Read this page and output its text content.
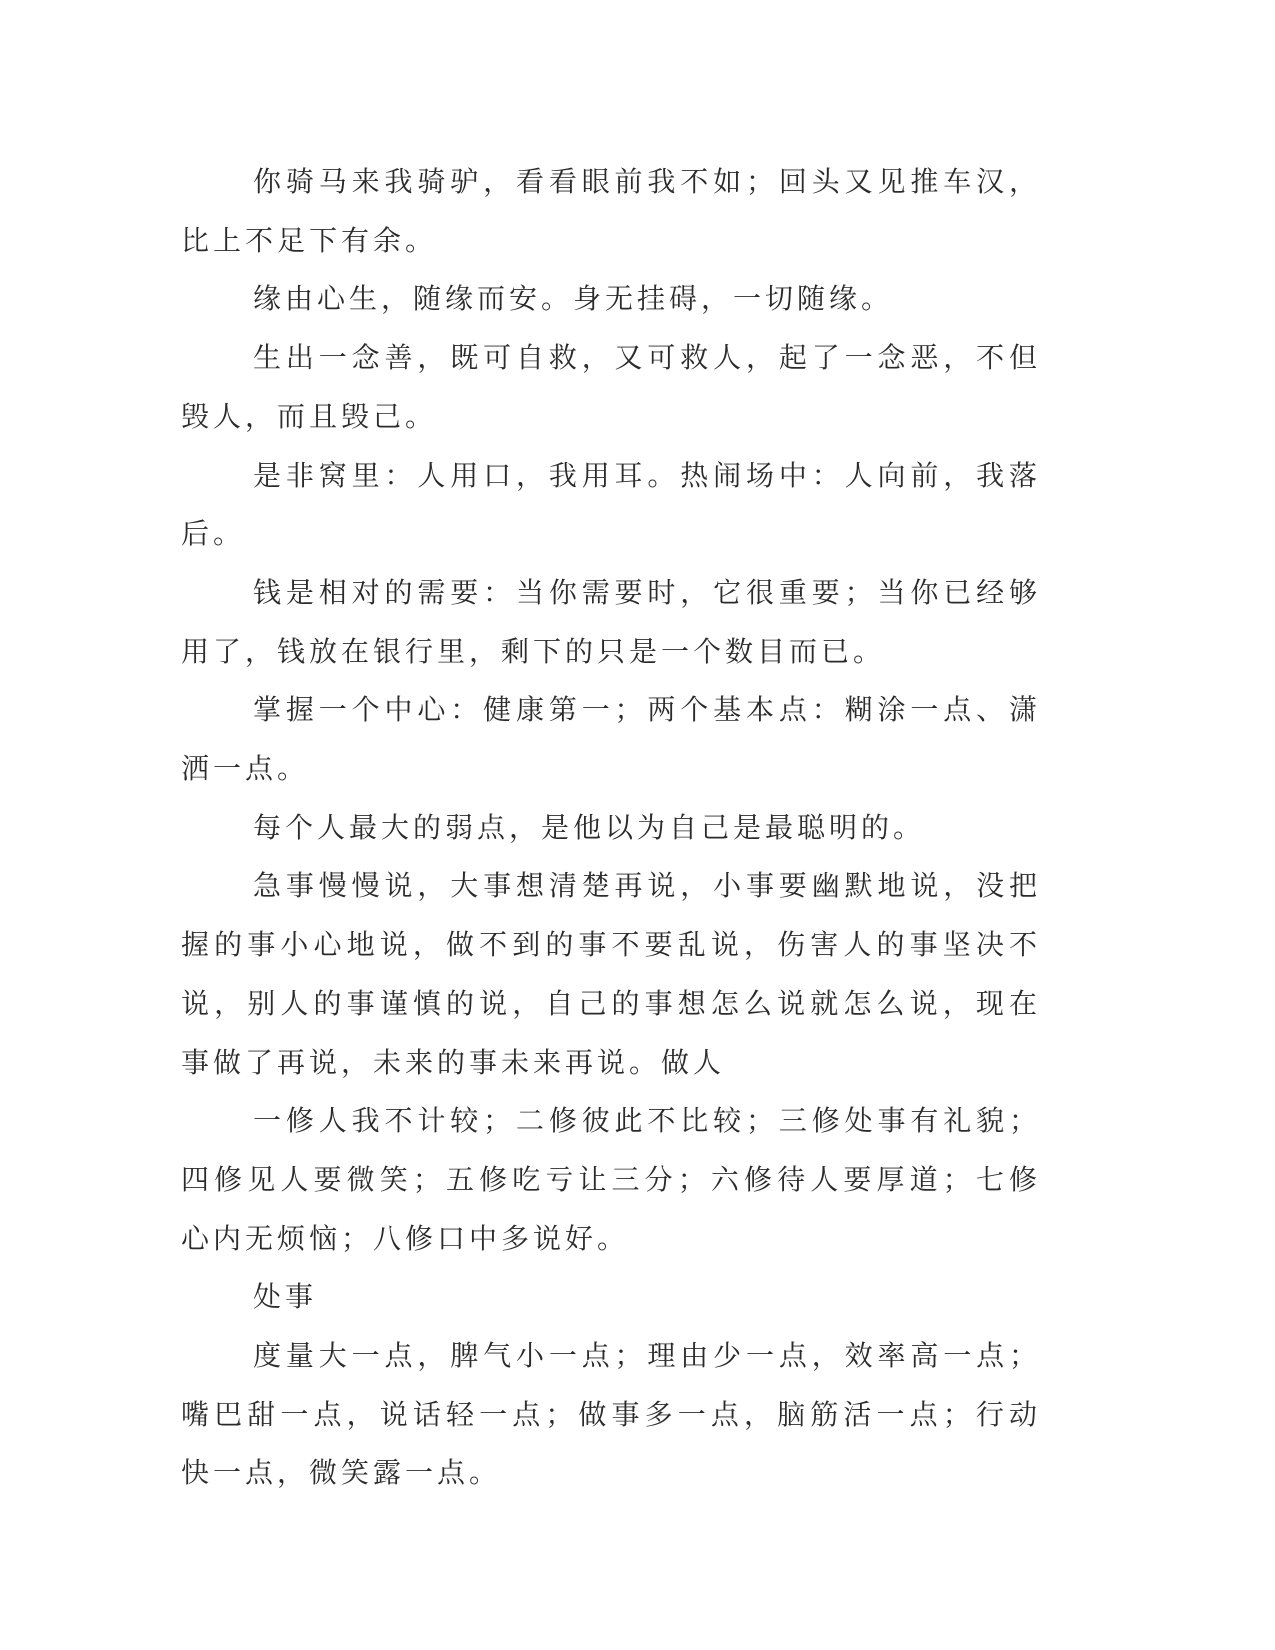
你骑马来我骑驴，看看眼前我不如；回头又见推车汉，比上不足下有余。

缘由心生，随缘而安。身无挂碍，一切随缘。

生出一念善，既可自救，又可救人，起了一念恶，不但毁人，而且毁己。

是非窝里：人用口，我用耳。热闹场中：人向前，我落后。

钱是相对的需要：当你需要时，它很重要；当你已经够用了，钱放在银行里，剩下的只是一个数目而已。

掌握一个中心：健康第一；两个基本点：糊涂一点、潇洒一点。

每个人最大的弱点，是他以为自己是最聪明的。

急事慢慢说，大事想清楚再说，小事要幽默地说，没把握的事小心地说，做不到的事不要乱说，伤害人的事坚决不说，别人的事谨慎的说，自己的事想怎么说就怎么说，现在事做了再说，未来的事未来再说。做人

一修人我不计较；二修彼此不比较；三修处事有礼貌；四修见人要微笑；五修吃亏让三分；六修待人要厚道；七修心内无烦恼；八修口中多说好。

处事

度量大一点，脾气小一点；理由少一点，效率高一点；嘴巴甜一点，说话轻一点；做事多一点，脑筋活一点；行动快一点，微笑露一点。
